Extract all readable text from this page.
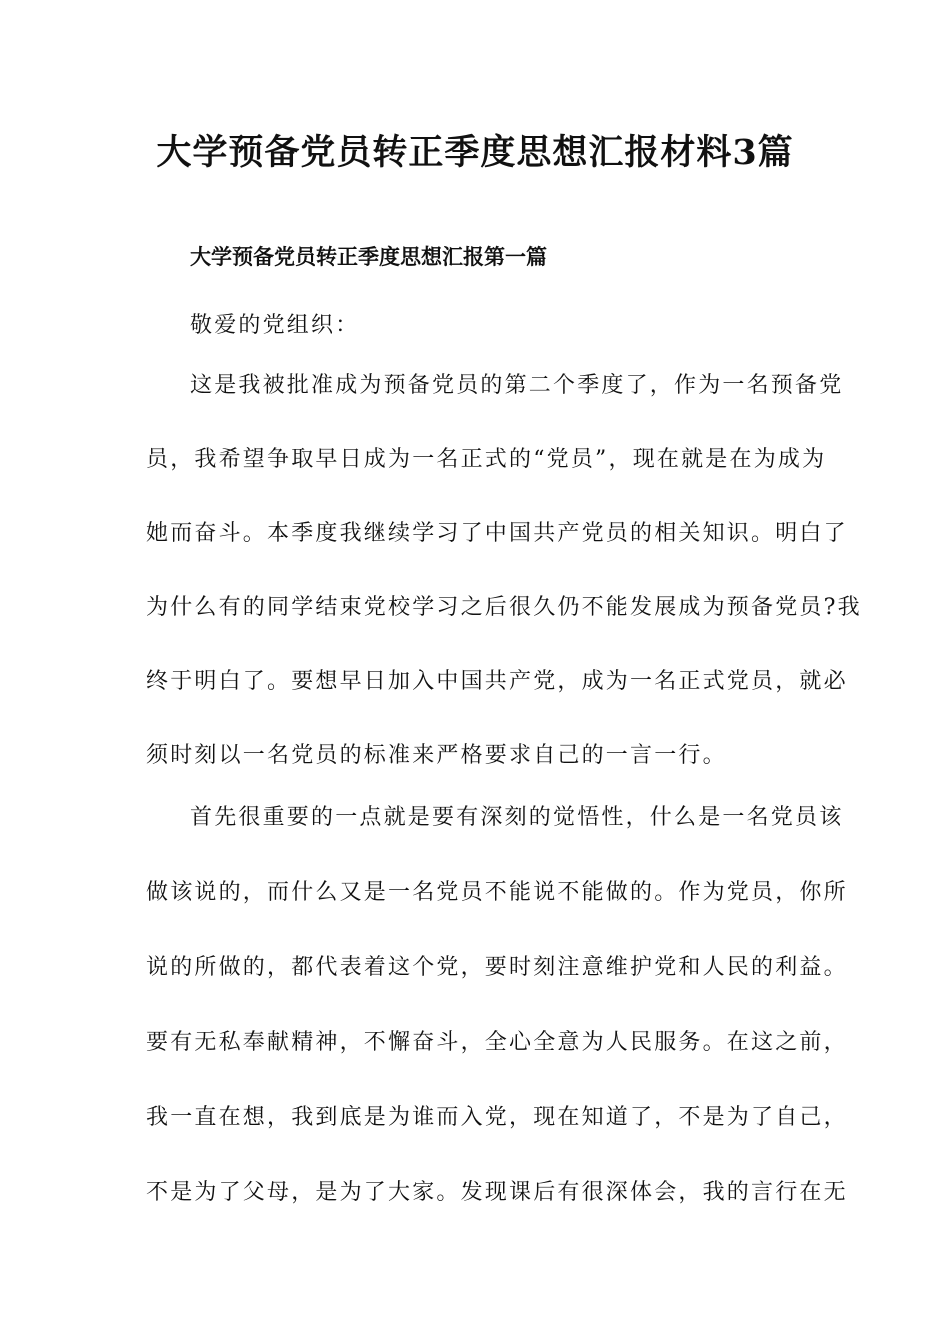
大学预备党员转正季度思想汇报材料3篇
大学预备党员转正季度思想汇报第一篇
敬爱的党组织：
这是我被批准成为预备党员的第二个季度了，作为一名预备党
员，我希望争取早日成为一名正式的“党员”，现在就是在为成为
她而奋斗。本季度我继续学习了中国共产党员的相关知识。明白了
为什么有的同学结束党校学习之后很久仍不能发展成为预备党员?我
终于明白了。要想早日加入中国共产党，成为一名正式党员，就必
须时刻以一名党员的标准来严格要求自己的一言一行。
首先很重要的一点就是要有深刻的觉悟性，什么是一名党员该
做该说的，而什么又是一名党员不能说不能做的。作为党员，你所
说的所做的，都代表着这个党，要时刻注意维护党和人民的利益。
要有无私奉献精神，不懈奋斗，全心全意为人民服务。在这之前，
我一直在想，我到底是为谁而入党，现在知道了，不是为了自己，
不是为了父母，是为了大家。发现课后有很深体会，我的言行在无
